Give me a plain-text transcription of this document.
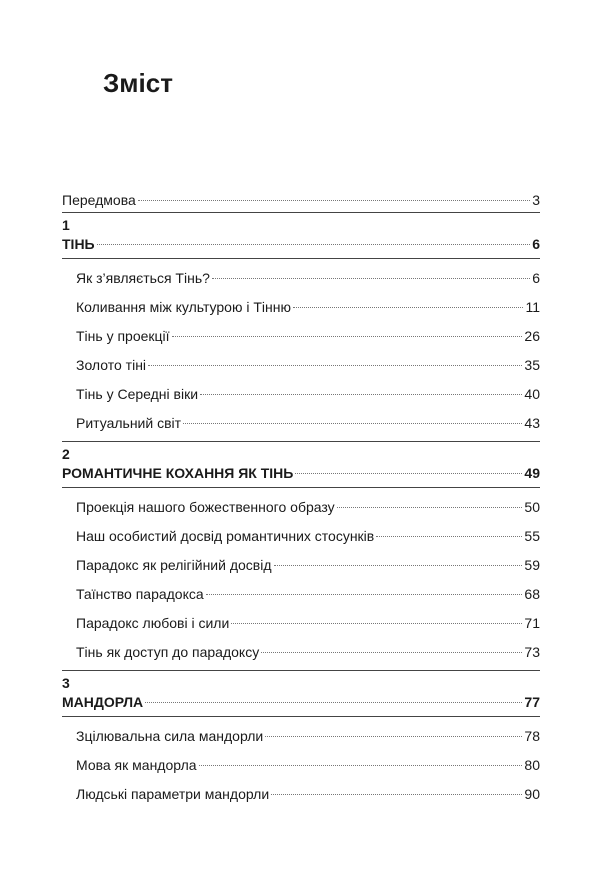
Зміст
Передмова	3
1
ТІНЬ	6
Як з’являється Тінь?	6
Коливання між культурою і Тінню	11
Тінь у проекції	26
Золото тіні	35
Тінь у Середні віки	40
Ритуальний світ	43
2
РОМАНТИЧНЕ КОХАННЯ ЯК ТІНЬ	49
Проекція нашого божественного образу	50
Наш особистий досвід романтичних стосунків	55
Парадокс як релігійний досвід	59
Таїнство парадокса	68
Парадокс любові і сили	71
Тінь як доступ до парадоксу	73
3
МАНДОРЛА	77
Зцілювальна сила мандорли	78
Мова як мандорла	80
Людські параметри мандорли	90
